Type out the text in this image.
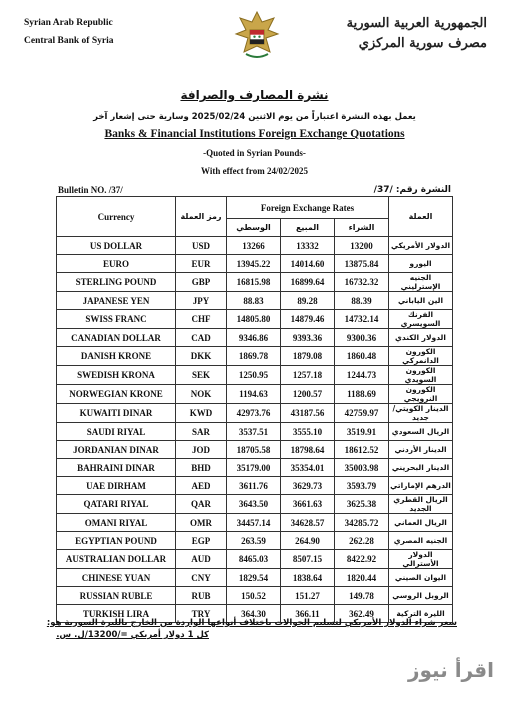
Syrian Arab Republic
Central Bank of Syria
الجمهورية العربية السورية
مصرف سورية المركزي
نشرة المصارف والصرافة
يعمل بهذه النشرة اعتباراً من يوم الاثنين 2025/02/24 وسارية حتى إشعار آخر
Banks & Financial Institutions Foreign Exchange Quotations
-Quoted in Syrian Pounds-
With effect from 24/02/2025
Bulletin NO. /37/	النشرة رقم: /37/
Currency	رمز العملة	Foreign Exchange Rates			العملة
		الوسطي	المبيع	الشراء	
US DOLLAR	USD	13266	13332	13200	الدولار الأمريكي
EURO	EUR	13945.22	14014.60	13875.84	اليورو
STERLING POUND	GBP	16815.98	16899.64	16732.32	الجنيه الإسترليني
JAPANESE YEN	JPY	88.83	89.28	88.39	الين الياباني
SWISS FRANC	CHF	14805.80	14879.46	14732.14	الفرنك السويسري
CANADIAN DOLLAR	CAD	9346.86	9393.36	9300.36	الدولار الكندي
DANISH KRONE	DKK	1869.78	1879.08	1860.48	الكورون الدانمركي
SWEDISH KRONA	SEK	1250.95	1257.18	1244.73	الكورون السويدي
NORWEGIAN KRONE	NOK	1194.63	1200.57	1188.69	الكورون النرويجي
KUWAITI DINAR	KWD	42973.76	43187.56	42759.97	الدينار الكويتي/ جديد
SAUDI RIYAL	SAR	3537.51	3555.10	3519.91	الريال السعودي
JORDANIAN DINAR	JOD	18705.58	18798.64	18612.52	الدينار الأردني
BAHRAINI DINAR	BHD	35179.00	35354.01	35003.98	الدينار البحريني
UAE DIRHAM	AED	3611.76	3629.73	3593.79	الدرهم الإماراتي
QATARI RIYAL	QAR	3643.50	3661.63	3625.38	الريال القطري الجديد
OMANI RIYAL	OMR	34457.14	34628.57	34285.72	الريال العماني
EGYPTIAN POUND	EGP	263.59	264.90	262.28	الجنيه المصري
AUSTRALIAN DOLLAR	AUD	8465.03	8507.15	8422.92	الدولار الأسترالي
CHINESE YUAN	CNY	1829.54	1838.64	1820.44	اليوان الصيني
RUSSIAN RUBLE	RUB	150.52	151.27	149.78	الروبل الروسي
TURKISH LIRA	TRY	364.30	366.11	362.49	الليرة التركية
سعر شراء الدولار الأمريكي لتسليم الحوالات باختلاف أنواعها الواردة من الخارج بالليرة السورية هو:
كل 1 دولار أمريكي =/13200/ل. س.
اقرأ نيوز
